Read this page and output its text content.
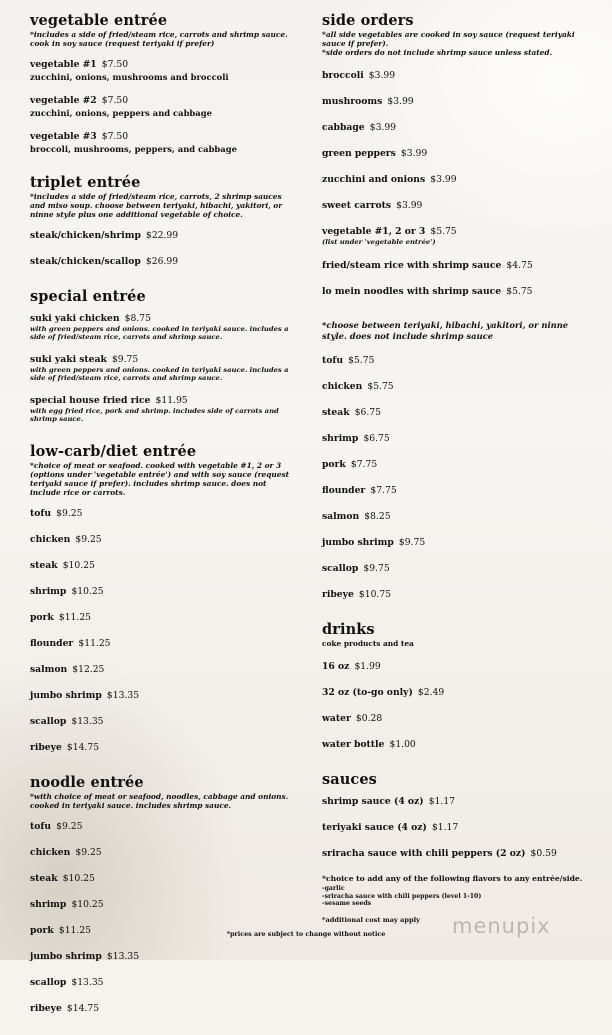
vegetable entrée

*includes a side of fried/steam rice, carrots and shrimp sauce. cook in soy sauce (request teriyaki if prefer)

vegetable #1 $7.50
zucchini, onions, mushrooms and broccoli
vegetable #2 $7.50
zucchini, onions, peppers and cabbage
vegetable #3 $7.50
broccoli, mushrooms, peppers, and cabbage
triplet entrée

*includes a side of fried/steam rice, carrots, 2 shrimp sauces and miso soup. choose between teriyaki, hibachi, yakitori, or ninne style plus one additional vegetable of choice.

steak/chicken/shrimp $22.99
steak/chicken/scallop $26.99
special entrée
suki yaki chicken $8.75
with green peppers and onions. cooked in teriyaki sauce. includes a side of fried/steam rice, carrots and shrimp sauce.
suki yaki steak $9.75
with green peppers and onions. cooked in teriyaki sauce. includes a side of fried/steam rice, carrots and shrimp sauce.
special house fried rice $11.95
with egg fried rice, pork and shrimp. includes side of carrots and shrimp sauce.
low-carb/diet entrée

*choice of meat or seafood. cooked with vegetable #1, 2 or 3 (options under 'vegetable entrée') and with soy sauce (request teriyaki sauce if prefer). includes shrimp sauce. does not include rice or carrots.

tofu $9.25
chicken $9.25
steak $10.25
shrimp $10.25
pork $11.25
flounder $11.25
salmon $12.25
jumbo shrimp $13.35
scallop $13.35
ribeye $14.75
noodle entrée

*with choice of meat or seafood, noodles, cabbage and onions. cooked in teriyaki sauce. includes shrimp sauce.

tofu $9.25
chicken $9.25
steak $10.25
shrimp $10.25
pork $11.25
jumbo shrimp $13.35
scallop $13.35
ribeye $14.75
side orders

*all side vegetables are cooked in soy sauce (request teriyaki sauce if prefer).

*side orders do not include shrimp sauce unless stated.

broccoli $3.99
mushrooms $3.99
cabbage $3.99
green peppers $3.99
zucchini and onions $3.99
sweet carrots $3.99
vegetable #1, 2 or 3 $5.75
(list under 'vegetable entrée')
fried/steam rice with shrimp sauce $4.75
lo mein noodles with shrimp sauce $5.75

*choose between teriyaki, hibachi, yakitori, or ninne style. does not include shrimp sauce

tofu $5.75
chicken $5.75
steak $6.75
shrimp $6.75
pork $7.75
flounder $7.75
salmon $8.25
jumbo shrimp $9.75
scallop $9.75
ribeye $10.75
drinks

coke products and tea

16 oz $1.99
32 oz (to-go only) $2.49
water $0.28
water bottle $1.00
sauces
shrimp sauce (4 oz) $1.17
teriyaki sauce (4 oz) $1.17
sriracha sauce with chili peppers (2 oz) $0.59

*choice to add any of the following flavors to any entrée/side.

-garlic
-sriracha sauce with chili peppers (level 1-10)
-sesame seeds

*additional cost may apply

*prices are subject to change without notice	menupix
